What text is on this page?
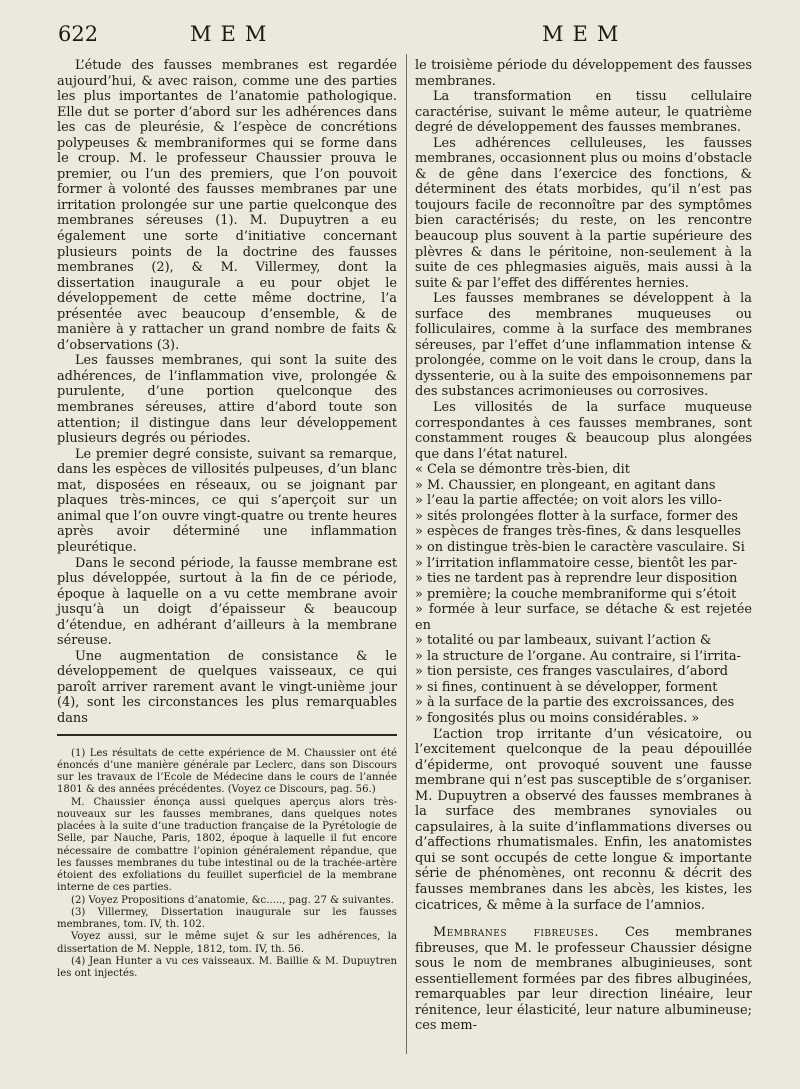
622	MEM	MEM

L’étude des fausses membranes est regardée aujourd’hui, & avec raison, comme une des parties les plus importantes de l’anatomie pathologique. Elle dut se porter d’abord sur les adhérences dans les cas de pleurésie, & l’espèce de concrétions polypeuses & membraniformes qui se forme dans le croup. M. le professeur Chaussier prouva le premier, ou l’un des premiers, que l’on pouvoit former à volonté des fausses membranes par une irritation prolongée sur une partie quelconque des membranes séreuses (1). M. Dupuytren a eu également une sorte d’initiative concernant plusieurs points de la doctrine des fausses membranes (2), & M. Villermey, dont la dissertation inaugurale a eu pour objet le développement de cette même doctrine, l’a présentée avec beaucoup d’ensemble, & de manière à y rattacher un grand nombre de faits & d’observations (3).

Les fausses membranes, qui sont la suite des adhérences, de l’inflammation vive, prolongée & purulente, d’une portion quelconque des membranes séreuses, attire d’abord toute son attention; il distingue dans leur développement plusieurs degrés ou périodes.

Le premier degré consiste, suivant sa remarque, dans les espèces de villosités pulpeuses, d’un blanc mat, disposées en réseaux, ou se joignant par plaques très-minces, ce qui s’aperçoit sur un animal que l’on ouvre vingt-quatre ou trente heures après avoir déterminé une inflammation pleurétique.

Dans le second période, la fausse membrane est plus développée, surtout à la fin de ce période, époque à laquelle on a vu cette membrane avoir jusqu’à un doigt d’épaisseur & beaucoup d’étendue, en adhérant d’ailleurs à la membrane séreuse.

Une augmentation de consistance & le développement de quelques vaisseaux, ce qui paroît arriver rarement avant le vingt-unième jour (4), sont les circonstances les plus remarquables dans

(1) Les résultats de cette expérience de M. Chaussier ont été énoncés d’une manière générale par Leclerc, dans son Discours sur les travaux de l’Ecole de Médecine dans le cours de l’année 1801 & des années précédentes. (Voyez ce Discours, pag. 56.)

M. Chaussier énonça aussi quelques aperçus alors très-nouveaux sur les fausses membranes, dans quelques notes placées à la suite d’une traduction française de la Pyrétologie de Selle, par Nauche, Paris, 1802, époque à laquelle il fut encore nécessaire de combattre l’opinion généralement répandue, que les fausses membranes du tube intestinal ou de la trachée-artère étoient des exfoliations du feuillet superficiel de la membrane interne de ces parties.

(2) Voyez Propositions d’anatomie, &c....., pag. 27 & suivantes.

(3) Villermey, Dissertation inaugurale sur les fausses membranes, tom. IV, th. 102.

Voyez aussi, sur le même sujet & sur les adhérences, la dissertation de M. Nepple, 1812, tom. IV, th. 56.

(4) Jean Hunter a vu ces vaisseaux. M. Baillie & M. Dupuytren les ont injectés.

le troisième période du développement des fausses membranes.

La transformation en tissu cellulaire caractérise, suivant le même auteur, le quatrième degré de développement des fausses membranes.

Les adhérences celluleuses, les fausses membranes, occasionnent plus ou moins d’obstacle & de gêne dans l’exercice des fonctions, & déterminent des états morbides, qu’il n’est pas toujours facile de reconnoître par des symptômes bien caractérisés; du reste, on les rencontre beaucoup plus souvent à la partie supérieure des plèvres & dans le péritoine, non-seulement à la suite de ces phlegmasies aiguës, mais aussi à la suite & par l’effet des différentes hernies.

Les fausses membranes se développent à la surface des membranes muqueuses ou folliculaires, comme à la surface des membranes séreuses, par l’effet d’une inflammation intense & prolongée, comme on le voit dans le croup, dans la dyssenterie, ou à la suite des empoisonnemens par des substances acrimonieuses ou corrosives.

Les villosités de la surface muqueuse correspondantes à ces fausses membranes, sont constamment rouges & beaucoup plus alongées que dans l’état naturel.

« Cela se démontre très-bien, dit

» M. Chaussier, en plongeant, en agitant dans

» l’eau la partie affectée; on voit alors les villo-

» sités prolongées flotter à la surface, former des

» espèces de franges très-fines, & dans lesquelles

» on distingue très-bien le caractère vasculaire. Si

» l’irritation inflammatoire cesse, bientôt les par-

» ties ne tardent pas à reprendre leur disposition

» première; la couche membraniforme qui s’étoit

» formée à leur surface, se détache & est rejetée en

» totalité ou par lambeaux, suivant l’action &

» la structure de l’organe. Au contraire, si l’irrita-

» tion persiste, ces franges vasculaires, d’abord

» si fines, continuent à se développer, forment

» à la surface de la partie des excroissances, des

» fongosités plus ou moins considérables. »

L’action trop irritante d’un vésicatoire, ou l’excitement quelconque de la peau dépouillée d’épiderme, ont provoqué souvent une fausse membrane qui n’est pas susceptible de s’organiser. M. Dupuytren a observé des fausses membranes à la surface des membranes synoviales ou capsulaires, à la suite d’inflammations diverses ou d’affections rhumatismales. Enfin, les anatomistes qui se sont occupés de cette longue & importante série de phénomènes, ont reconnu & décrit des fausses membranes dans les abcès, les kistes, les cicatrices, & même à la surface de l’amnios.

Membranes fibreuses. Ces membranes fibreuses, que M. le professeur Chaussier désigne sous le nom de membranes albuginieuses, sont essentiellement formées par des fibres albuginées, remarquables par leur direction linéaire, leur rénitence, leur élasticité, leur nature albumineuse; ces mem-
